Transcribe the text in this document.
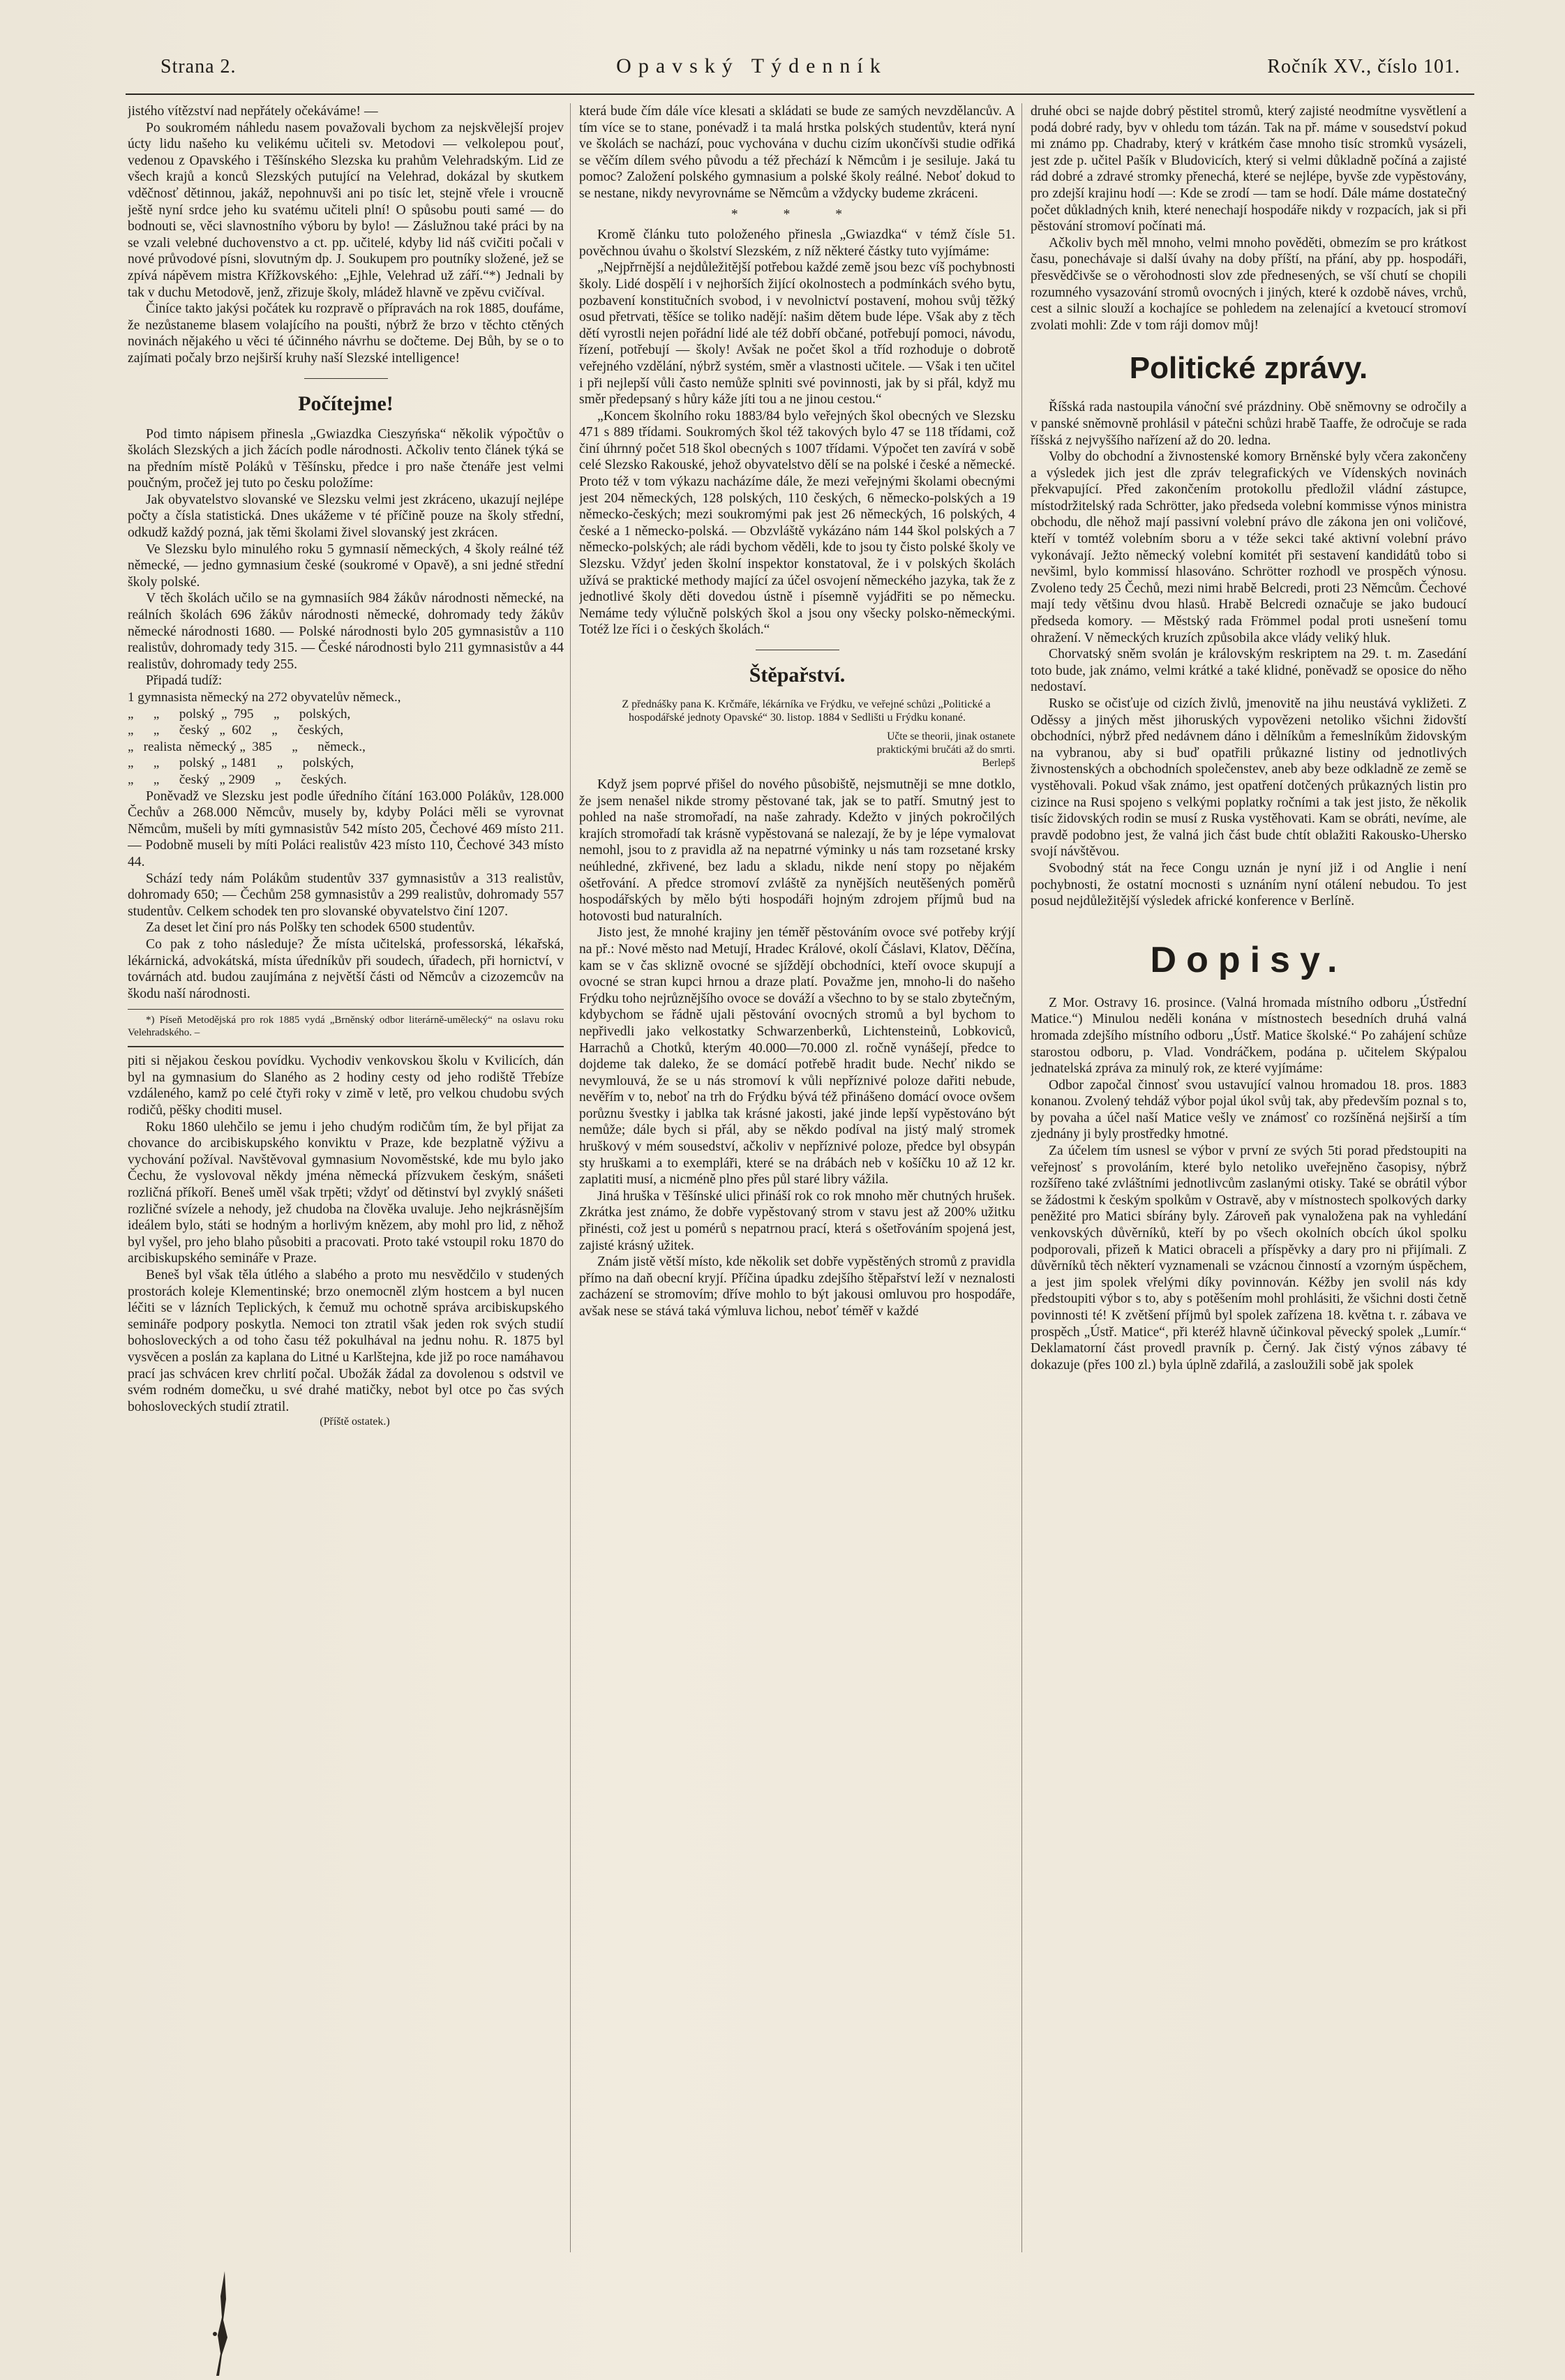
Strana 2.	Opavský Týdenník	Ročník XV., číslo 101.

jistého vítězství nad nepřátely očekáváme! —

Po soukromém náhledu nasem považovali bychom za nejskvělejší projev úcty lidu našeho ku velikému učiteli sv. Metodovi — velkolepou pouť, vedenou z Opavského i Těšínského Slezska ku prahům Velehradským. Lid ze všech krajů a konců Slezských putující na Velehrad, dokázal by skutkem vděčnosť dětinnou, jakáž, nepohnuvši ani po tisíc let, stejně vřele i vroucně ještě nyní srdce jeho ku svatému učiteli plní! O spůsobu pouti samé — do bodnouti se, věci slavnostního výboru by bylo! — Záslužnou také práci by na se vzali velebné duchovenstvo a ct. pp. učitelé, kdyby lid náš cvičiti počali v nové průvodové písni, slovutným dp. J. Soukupem pro poutníky složené, jež se zpívá nápěvem mistra Křížkovského: „Ejhle, Velehrad už září.“*) Jednali by tak v duchu Metodově, jenž, zřizuje školy, mládež hlavně ve zpěvu cvičíval.

Činíce takto jakýsi počátek ku rozpravě o přípravách na rok 1885, doufáme, že nezůstaneme blasem volajícího na poušti, nýbrž že brzo v těchto ctěných novinách nějakého u věci té účinného návrhu se dočteme. Dej Bůh, by se o to zajímati počaly brzo nejširší kruhy naší Slezské intelligence!

Počítejme!

Pod timto nápisem přinesla „Gwiazdka Cieszyńska“ několik výpočtův o školách Slezských a jich žácích podle národnosti. Ačkoliv tento článek týká se na předním místě Poláků v Těšínsku, předce i pro naše čtenáře jest velmi poučným, pročež jej tuto po česku položíme:

Jak obyvatelstvo slovanské ve Slezsku velmi jest zkráceno, ukazují nejlépe počty a čísla statistická. Dnes ukážeme v té příčině pouze na školy střední, odkudž každý pozná, jak těmi školami živel slovanský jest zkrácen.

Ve Slezsku bylo minulého roku 5 gymnasií německých, 4 školy reálné též německé, — jedno gymnasium české (soukromé v Opavě), a sni jedné střední školy polské.

V těch školách učilo se na gymnasiích 984 žákův národnosti německé, na reálních školách 696 žákův národnosti německé, dohromady tedy žákův německé národnosti 1680. — Polské národnosti bylo 205 gymnasistův a 110 realistův, dohromady tedy 315. — České národnosti bylo 211 gymnasistův a 44 realistův, dohromady tedy 255.

Připadá tudíž:

1 gymnasista německý na 272 obyvatelův německ.,
„      „      polský  „  795      „      polských,
„      „      český   „  602      „      českých,
„   realista  německý „  385      „      německ.,
„      „      polský  „ 1481      „      polských,
„      „      český   „ 2909      „      českých.

Poněvadž ve Slezsku jest podle úředního čítání 163.000 Polákův, 128.000 Čechův a 268.000 Němcův, musely by, kdyby Poláci měli se vyrovnat Němcům, mušeli by míti gymnasistův 542 místo 205, Čechové 469 místo 211. — Podobně museli by míti Poláci realistův 423 místo 110, Čechové 343 místo 44.

Schází tedy nám Polákům studentův 337 gymnasistův a 313 realistův, dohromady 650; — Čechům 258 gymnasistův a 299 realistův, dohromady 557 studentův. Celkem schodek ten pro slovanské obyvatelstvo činí 1207.

Za deset let činí pro nás Polšky ten schodek 6500 studentův.

Co pak z toho následuje? Že místa učitelská, professorská, lékařská, lékárnická, advokátská, místa úředníkův při soudech, úřadech, při hornictví, v továrnách atd. budou zaujímána z největší části od Němcův a cizozemcův na škodu naší národnosti.

*) Píseň Metodějská pro rok 1885 vydá „Brněnský odbor literárně-umělecký“ na oslavu roku Velehradského. –

piti si nějakou českou povídku. Vychodiv venkovskou školu v Kvilicích, dán byl na gymnasium do Slaného as 2 hodiny cesty od jeho rodiště Třebíze vzdáleného, kamž po celé čtyři roky v zimě v letě, pro velkou chudobu svých rodičů, pěšky choditi musel.

Roku 1860 ulehčilo se jemu i jeho chudým rodičům tím, že byl přijat za chovance do arcibiskupského konviktu v Praze, kde bezplatně výživu a vychování požíval. Navštěvoval gymnasium Novoměstské, kde mu bylo jako Čechu, že vyslovoval někdy jména německá přízvukem českým, snášeti rozličná příkoří. Beneš uměl však trpěti; vždyť od dětinství byl zvyklý snášeti rozličné svízele a nehody, jež chudoba na člověka uvaluje. Jeho nejkrásnějším ideálem bylo, státi se hodným a horlivým knězem, aby mohl pro lid, z něhož byl vyšel, pro jeho blaho působiti a pracovati. Proto také vstoupil roku 1870 do arcibiskupského semináře v Praze.

Beneš byl však těla útlého a slabého a proto mu nesvědčilo v studených prostorách koleje Klementinské; brzo onemocněl zlým hostcem a byl nucen léčiti se v lázních Teplických, k čemuž mu ochotně správa arcibiskupského semináře podpory poskytla. Nemoci ton ztratil však jeden rok svých studií bohosloveckých a od toho času též pokulhával na jednu nohu. R. 1875 byl vysvěcen a poslán za kaplana do Litné u Karlštejna, kde již po roce namáhavou prací jas schvácen krev chrlití počal. Ubožák žádal za dovolenou s odstvil ve svém rodném domečku, u své drahé matičky, nebot byl otce po čas svých bohosloveckých studií ztratil.

(Příště ostatek.)

která bude čím dále více klesati a skládati se bude ze samých nevzdělancův. A tím více se to stane, ponévadž i ta malá hrstka polských studentův, která nyní ve školách se nachází, pouc vychována v duchu cizím ukončívši studie odřiká se věčím dílem svého původu a též přechází k Němcům i je sesiluje. Jaká tu pomoc? Založení polského gymnasium a polské školy reálné. Neboť dokud to se nestane, nikdy nevyrovnáme se Němcům a vždycky budeme zkráceni.

* * *

Kromě článku tuto položeného přinesla „Gwiazdka“ v témž čísle 51. pověchnou úvahu o školství Slezském, z níž některé částky tuto vyjímáme:

„Nejpřrnější a nejdůležitější potřebou každé země jsou bezc víš pochybnosti školy. Lidé dospělí i v nejhorších žijící okolnostech a podmínkách svého bytu, pozbavení konstitučních svobod, i v nevolnictví postavení, mohou svůj těžký osud přetrvati, těšíce se toliko nadějí: našim dětem bude lépe. Však aby z těch dětí vyrostli nejen pořádní lidé ale též dobří občané, potřebují pomoci, návodu, řízení, potřebují — školy! Avšak ne počet škol a tříd rozhoduje o dobrotě veřejného vzdělání, nýbrž systém, směr a vlastnosti učitele. — Však i ten učitel i při nejlepší vůli často nemůže splniti své povinnosti, jak by si přál, když mu směr předepsaný s hůry káže jíti tou a ne jinou cestou.“

„Koncem školního roku 1883/84 bylo veřejných škol obecných ve Slezsku 471 s 889 třídami. Soukromých škol též takových bylo 47 se 118 třídami, což činí úhrnný počet 518 škol obecných s 1007 třídami. Výpočet ten zavírá v sobě celé Slezsko Rakouské, jehož obyvatelstvo dělí se na polské i české a německé. Proto též v tom výkazu nacházíme dále, že mezi veřejnými školami obecnými jest 204 německých, 128 polských, 110 českých, 6 německo-polských a 19 německo-českých; mezi soukromými pak jest 26 německých, 16 polských, 4 české a 1 německo-polská. — Obzvláště vykázáno nám 144 škol polských a 7 německo-polských; ale rádi bychom věděli, kde to jsou ty čisto polské školy ve Slezsku. Vždyť jeden školní inspektor konstatoval, že i v polských školách užívá se praktické methody mající za účel osvojení německého jazyka, tak že z jednotlivé školy děti dovedou ústně i písemně vyjádřiti se po německu. Nemáme tedy výlučně polských škol a jsou ony všecky polsko-německými. Totéž lze říci i o českých školách.“

Štěpařství.

Z přednášky pana K. Krčmáře, lékárníka ve Frýdku, ve veřejné schůzi „Politické a hospodářské jednoty Opavské“ 30. listop. 1884 v Sedlišti u Frýdku konané.

Učte se theorii, jinak ostanete
praktickými bručáti až do smrti.
Berlepš

Když jsem poprvé přišel do nového působiště, nejsmutněji se mne dotklo, že jsem nenašel nikde stromy pěstované tak, jak se to patří. Smutný jest to pohled na naše stromořadí, na naše zahrady. Kdežto v jiných pokročilých krajích stromořadí tak krásně vypěstovaná se nalezají, že by je lépe vymalovat nemohl, jsou to z pravidla až na nepatrné výminky u nás tam rozsetané krsky neúhledné, zkřivené, bez ladu a skladu, nikde není stopy po nějakém ošetřování. A předce stromoví zvláště za nynějších neutěšených poměrů hospodářských by mělo býti hospodáři hojným zdrojem příjmů bud na hotovosti bud naturalních.

Jisto jest, že mnohé krajiny jen téměř pěstováním ovoce své potřeby krýjí na př.: Nové město nad Metují, Hradec Králové, okolí Čáslavi, Klatov, Děčína, kam se v čas sklizně ovocné se sjíždějí obchodníci, kteří ovoce skupují a ovocné se stran kupci hrnou a draze platí. Považme jen, mnoho-li do našeho Frýdku toho nejrůznějšího ovoce se dováží a všechno to by se stalo zbytečným, kdybychom se řádně ujali pěstování ovocných stromů a byl bychom to nepřivedli jako velkostatky Schwarzenberků, Lichtensteinů, Lobkoviců, Harrachů a Chotků, kterým 40.000—70.000 zl. ročně vynášejí, předce to dojdeme tak daleko, že se domácí potřebě hradit bude. Nechť nikdo se nevymlouvá, že se u nás stromoví k vůli nepříznivé poloze dařiti nebude, nevěřím v to, neboť na trh do Frýdku bývá též přinášeno domácí ovoce ovšem porůznu švestky i jablka tak krásné jakosti, jaké jinde lepší vypěstováno být nemůže; dále bych si přál, aby se někdo podíval na jistý malý stromek hruškový v mém sousedství, ačkoliv v nepříznivé poloze, předce byl obsypán sty hruškami a to exempláři, které se na drábách neb v košíčku 10 až 12 kr. zaplatiti musí, a nicméně plno přes půl staré libry vážila.

Jiná hruška v Těšínské ulici přináší rok co rok mnoho měr chutných hrušek. Zkrátka jest známo, že dobře vypěstovaný strom v stavu jest až 200% užitku přinésti, což jest u pomérů s nepatrnou prací, která s ošetřováním spojená jest, zajisté krásný užitek.

Znám jistě větší místo, kde několik set dobře vypěstěných stromů z pravidla přímo na daň obecní kryjí. Příčina úpadku zdejšího štěpařství leží v neznalosti zacházení se stromovím; dříve mohlo to být jakousi omluvou pro hospodáře, avšak nese se stává taká výmluva lichou, neboť téměř v každé

druhé obci se najde dobrý pěstitel stromů, který zajisté neodmítne vysvětlení a podá dobré rady, byv v ohledu tom tázán. Tak na př. máme v sousedství pokud mi známo pp. Chadraby, který v krátkém čase mnoho tisíc stromků vysázeli, jest zde p. učitel Pašík v Bludovicích, který si velmi důkladně počíná a zajisté rád dobré a zdravé stromky přenechá, které se nejlépe, byvše zde vypěstovány, pro zdejší krajinu hodí —: Kde se zrodí — tam se hodí. Dále máme dostatečný počet důkladných knih, které nenechají hospodáře nikdy v rozpacích, jak si při pěstování stromoví počínati má.

Ačkoliv bych měl mnoho, velmi mnoho pověděti, obmezím se pro krátkost času, ponechávaje si další úvahy na doby příští, na přání, aby pp. hospodáři, přesvědčivše se o věrohodnosti slov zde přednesených, se vší chutí se chopili rozumného vysazování stromů ovocných i jiných, které k ozdobě náves, vrchů, cest a silnic slouží a kochajíce se pohledem na zelenající a kvetoucí stromoví zvolati mohli: Zde v tom ráji domov můj!

Politické zprávy.

Říšská rada nastoupila vánoční své prázdniny. Obě sněmovny se odročily a v panské sněmovně prohlásil v pátečni schůzi hrabě Taaffe, že odročuje se rada říšská z nejvyššího nařízení až do 20. ledna.

Volby do obchodní a živnostenské komory Brněnské byly včera zakončeny a výsledek jich jest dle zpráv telegrafických ve Vídenských novinách překvapující. Před zakončením protokollu předložil vládní zástupce, místodržitelský rada Schrötter, jako předseda volební kommisse výnos ministra obchodu, dle něhož mají passivní volební právo dle zákona jen oni voličové, kteří v tomtéž volebním sboru a v téže sekci také aktivní volební právo vykonávají. Ježto německý volební komitét při sestavení kandidátů tobo si nevšiml, bylo kommissí hlasováno. Schrötter rozhodl ve prospěch výnosu. Zvoleno tedy 25 Čechů, mezi nimi hrabě Belcredi, proti 23 Němcům. Čechové mají tedy většinu dvou hlasů. Hrabě Belcredi označuje se jako budoucí předseda komory. — Městský rada Frömmel podal proti usnešení tomu ohražení. V německých kruzích způsobila akce vlády veliký hluk.

Chorvatský sněm svolán je královským reskriptem na 29. t. m. Zasedání toto bude, jak známo, velmi krátké a také klidné, poněvadž se oposice do něho nedostaví.

Rusko se očisťuje od cizích živlů, jmenovitě na jihu neustává vykližeti. Z Oděssy a jiných měst jihoruských vypovězeni netoliko všichni židovští obchodníci, nýbrž před nedávnem dáno i dělníkům a řemeslníkům židovským na vybranou, aby si buď opatřili průkazné listiny od jednotlivých živnostenských a obchodních společenstev, aneb aby beze odkladně ze země se vystěhovali. Pokud však známo, jest opatření dotčených průkazných listin pro cizince na Rusi spojeno s velkými poplatky ročními a tak jest jisto, že několik tisíc židovských rodin se musí z Ruska vystěhovati. Kam se obráti, nevíme, ale pravdě podobno jest, že valná jich část bude chtít oblažiti Rakousko-Uhersko svojí návštěvou.

Svobodný stát na řece Congu uznán je nyní již i od Anglie i není pochybnosti, že ostatní mocnosti s uznáním nyní otálení nebudou. To jest posud nejdůležitější výsledek africké konference v Berlíně.

Dopisy.

Z Mor. Ostravy 16. prosince. (Valná hromada místního odboru „Ústřední Matice.“) Minulou neděli konána v místnostech besedních druhá valná hromada zdejšího místního odboru „Ústř. Matice školské.“ Po zahájení schůze starostou odboru, p. Vlad. Vondráčkem, podána p. učitelem Skýpalou jednatelská zpráva za minulý rok, ze které vyjímáme:

Odbor započal činnosť svou ustavující valnou hromadou 18. pros. 1883 konanou. Zvolený tehdáž výbor pojal úkol svůj tak, aby především poznal s to, by povaha a účel naší Matice vešly ve známosť co rozšíněná nejširší a tím zjednány ji byly prostředky hmotné.

Za účelem tím usnesl se výbor v první ze svých 5ti porad předstoupiti na veřejnosť s provoláním, které bylo netoliko uveřejněno časopisy, nýbrž rozšířeno také zvláštními jednotlivcům zaslanými otisky. Také se obrátil výbor se žádostmi k českým spolkům v Ostravě, aby v místnostech spolkových darky peněžité pro Matici sbírány byly. Zároveň pak vynaložena pak na vyhledání venkovských důvěrníků, kteří by po všech okolních obcích úkol spolku podporovali, přizeň k Matici obraceli a příspěvky a dary pro ni přijímali. Z důvěrníků těch některí vyznamenali se vzácnou činností a vzorným úspěchem, a jest jim spolek vřelými díky povinnován. Kéžby jen svolil nás kdy předstoupiti výbor s to, aby s potěšením mohl prohlásiti, že všichni dosti četně povinnosti té! K zvětšení příjmů byl spolek zařízena 18. května t. r. zábava ve prospěch „Ústř. Matice“, při kteréž hlavně účinkoval pěvecký spolek „Lumír.“ Deklamatorní část provedl pravník p. Černý. Jak čistý výnos zábavy té dokazuje (přes 100 zl.) byla úplně zdařilá, a zasloužili sobě jak spolek
